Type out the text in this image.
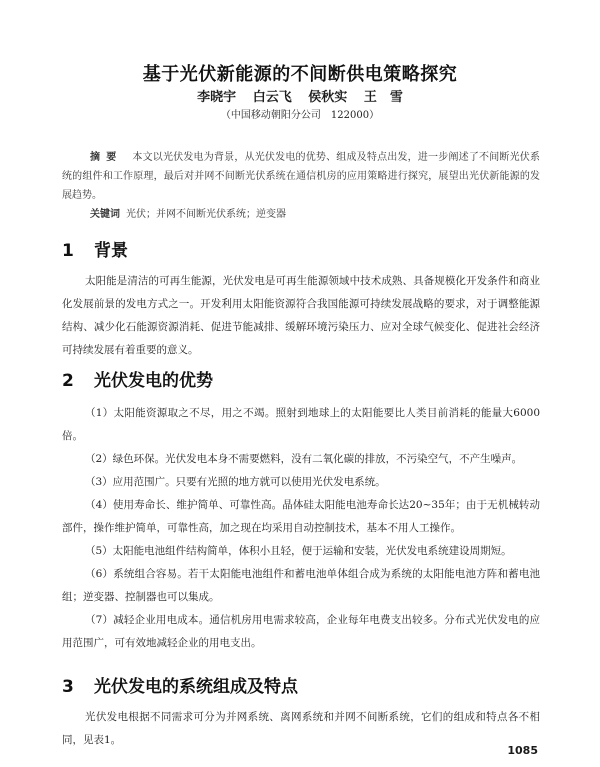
基于光伏新能源的不间断供电策略探究
李晓宇 白云飞 侯秋实 王　雪
（中国移动朝阳分公司　122000）
摘要 本文以光伏发电为背景，从光伏发电的优势、组成及特点出发，进一步阐述了不间断光伏系统的组件和工作原理，最后对并网不间断光伏系统在通信机房的应用策略进行探究，展望出光伏新能源的发展趋势。
关键词 光伏；并网不间断光伏系统；逆变器
1 背景
太阳能是清洁的可再生能源，光伏发电是可再生能源领域中技术成熟、具备规模化开发条件和商业化发展前景的发电方式之一。开发利用太阳能资源符合我国能源可持续发展战略的要求，对于调整能源结构、减少化石能源资源消耗、促进节能减排、缓解环境污染压力、应对全球气候变化、促进社会经济可持续发展有着重要的意义。
2 光伏发电的优势

（1）太阳能资源取之不尽，用之不竭。照射到地球上的太阳能要比人类目前消耗的能量大6000倍。

（2）绿色环保。光伏发电本身不需要燃料，没有二氧化碳的排放，不污染空气，不产生噪声。

（3）应用范围广。只要有光照的地方就可以使用光伏发电系统。

（4）使用寿命长、维护简单、可靠性高。晶体硅太阳能电池寿命长达20~35年；由于无机械转动部件，操作维护简单，可靠性高，加之现在均采用自动控制技术，基本不用人工操作。

（5）太阳能电池组件结构简单，体积小且轻，便于运输和安装，光伏发电系统建设周期短。

（6）系统组合容易。若干太阳能电池组件和蓄电池单体组合成为系统的太阳能电池方阵和蓄电池组；逆变器、控制器也可以集成。

（7）减轻企业用电成本。通信机房用电需求较高，企业每年电费支出较多。分布式光伏发电的应用范围广，可有效地减轻企业的用电支出。

3 光伏发电的系统组成及特点
光伏发电根据不同需求可分为并网系统、离网系统和并网不间断系统，它们的组成和特点各不相同，见表1。
1085
